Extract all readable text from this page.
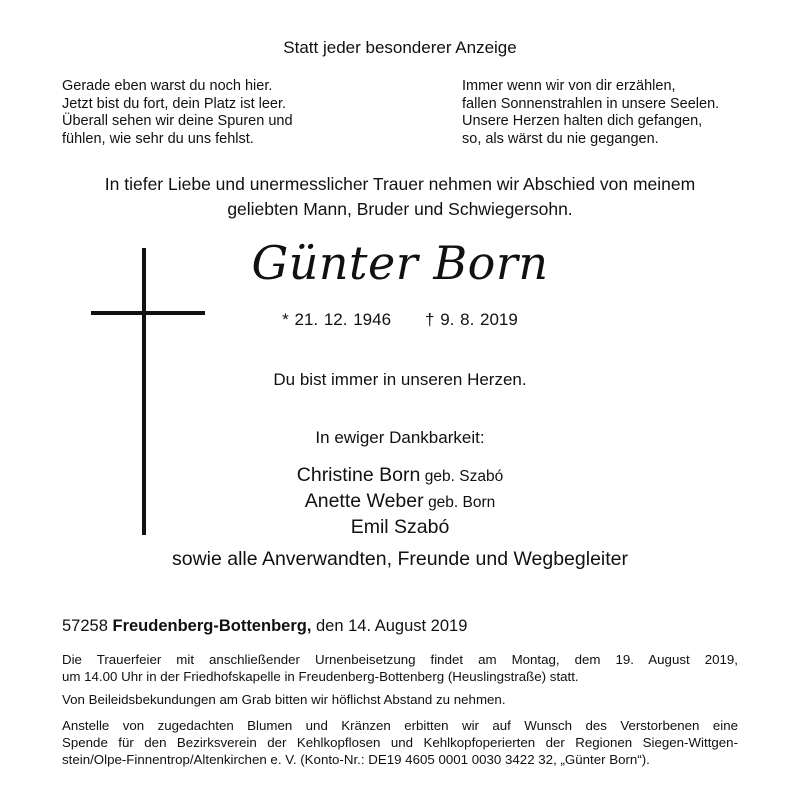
Statt jeder besonderer Anzeige
Gerade eben warst du noch hier.
Jetzt bist du fort, dein Platz ist leer.
Überall sehen wir deine Spuren und
fühlen, wie sehr du uns fehlst.
Immer wenn wir von dir erzählen,
fallen Sonnenstrahlen in unsere Seelen.
Unsere Herzen halten dich gefangen,
so, als wärst du nie gegangen.
In tiefer Liebe und unermesslicher Trauer nehmen wir Abschied von meinem
geliebten Mann, Bruder und Schwiegersohn.
Günter Born
* 21. 12. 1946 † 9. 8. 2019
Du bist immer in unseren Herzen.
In ewiger Dankbarkeit:
Christine Born geb. Szabó
Anette Weber geb. Born
Emil Szabó
sowie alle Anverwandten, Freunde und Wegbegleiter
57258 Freudenberg-Bottenberg, den 14. August 2019
Die Trauerfeier mit anschließender Urnenbeisetzung findet am Montag, dem 19. August 2019,
um 14.00 Uhr in der Friedhofskapelle in Freudenberg-Bottenberg (Heuslingstraße) statt.
Von Beileidsbekundungen am Grab bitten wir höflichst Abstand zu nehmen.
Anstelle von zugedachten Blumen und Kränzen erbitten wir auf Wunsch des Verstorbenen eine
Spende für den Bezirksverein der Kehlkopflosen und Kehlkopfoperierten der Regionen Siegen-Wittgen-
stein/Olpe-Finnentrop/Altenkirchen e. V. (Konto-Nr.: DE19 4605 0001 0030 3422 32, „Günter Born“).
